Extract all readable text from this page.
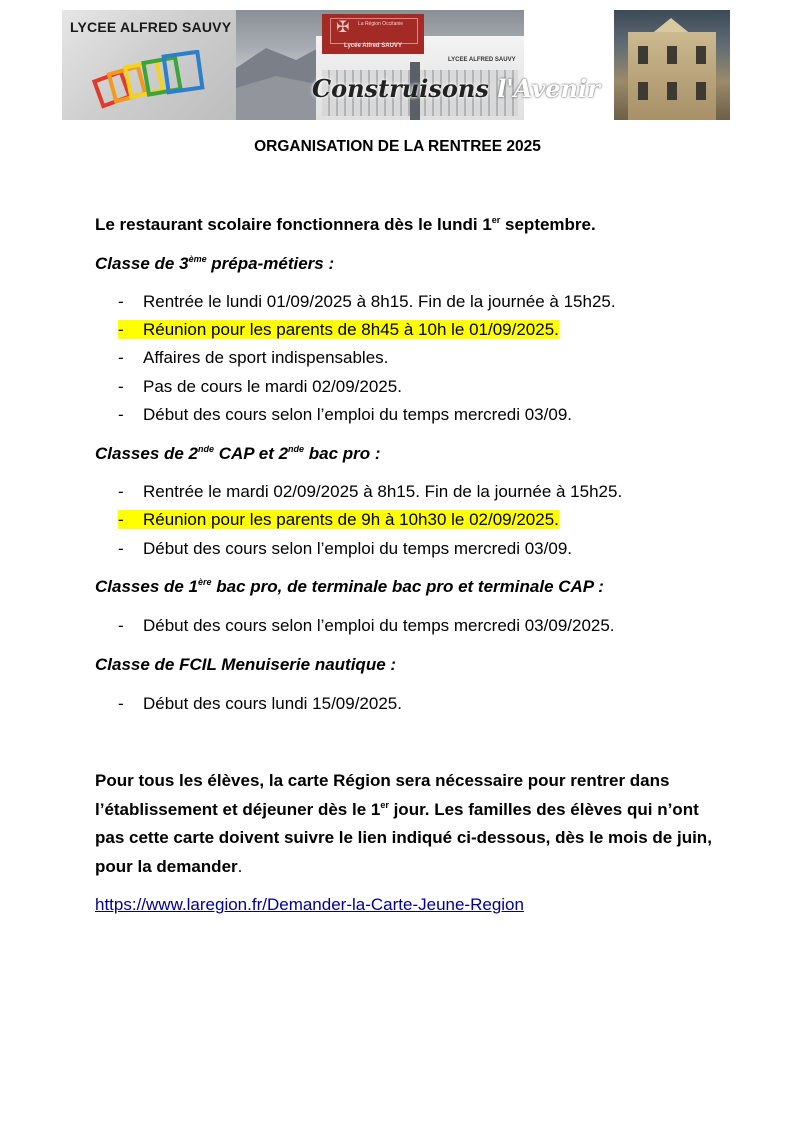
LYCEE ALFRED SAUVY	✠ La Région Occitanie
Lycée Alfred SAUVY
LYCEE ALFRED SAUVY
Construisons l'Avenir
ORGANISATION DE LA RENTREE 2025
Le restaurant scolaire fonctionnera dès le lundi 1er septembre.
Classe de 3ème prépa-métiers :
- Rentrée le lundi 01/09/2025 à 8h15. Fin de la journée à 15h25.
- Réunion pour les parents de 8h45 à 10h le 01/09/2025.
- Affaires de sport indispensables.
- Pas de cours le mardi 02/09/2025.
- Début des cours selon l’emploi du temps mercredi 03/09.
Classes de 2nde CAP et 2nde bac pro :
- Rentrée le mardi 02/09/2025 à 8h15. Fin de la journée à 15h25.
- Réunion pour les parents de 9h à 10h30 le 02/09/2025.
- Début des cours selon l’emploi du temps mercredi 03/09.
Classes de 1ère bac pro, de terminale bac pro et terminale CAP :
- Début des cours selon l’emploi du temps mercredi 03/09/2025.
Classe de FCIL Menuiserie nautique :
- Début des cours lundi 15/09/2025.
Pour tous les élèves, la carte Région sera nécessaire pour rentrer dans l’établissement et déjeuner dès le 1er jour. Les familles des élèves qui n’ont pas cette carte doivent suivre le lien indiqué ci-dessous, dès le mois de juin, pour la demander.
https://www.laregion.fr/Demander-la-Carte-Jeune-Region
